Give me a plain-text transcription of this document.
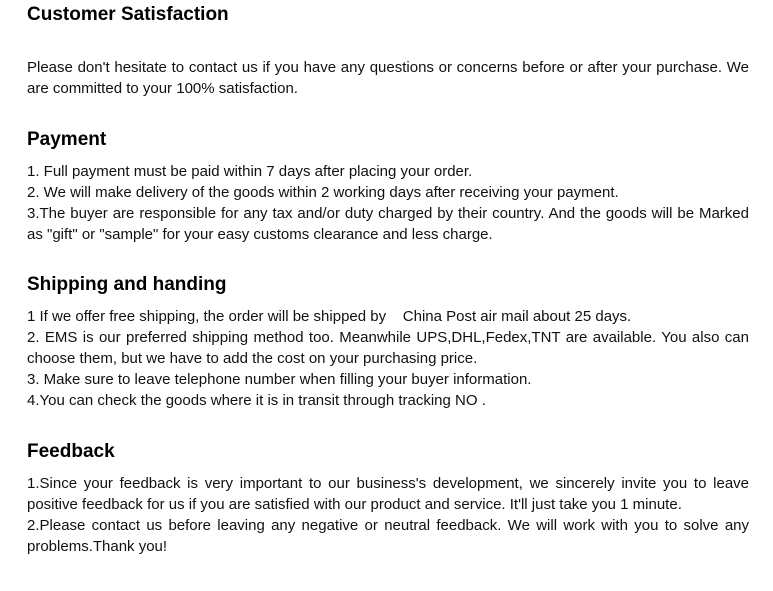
Customer Satisfaction

Please don't hesitate to contact us if you have any questions or concerns before or after your purchase. We are committed to your 100% satisfaction.

Payment

1. Full payment must be paid within 7 days after placing your order.

2. We will make delivery of the goods within 2 working days after receiving your payment.

3.The buyer are responsible for any tax and/or duty charged by their country. And the goods will be Marked as "gift" or "sample" for your easy customs clearance and less charge.

Shipping and handing

1 If we offer free shipping, the order will be shipped by    China Post air mail about 25 days.

2. EMS is our preferred shipping method too. Meanwhile UPS,DHL,Fedex,TNT are available. You also can choose them, but we have to add the cost on your purchasing price.

3. Make sure to leave telephone number when filling your buyer information.

4.You can check the goods where it is in transit through tracking NO .

Feedback

1.Since your feedback is very important to our business's development, we sincerely invite you to leave positive feedback for us if you are satisfied with our product and service. It'll just take you 1 minute.

2.Please contact us before leaving any negative or neutral feedback. We will work with you to solve any problems.Thank you!
